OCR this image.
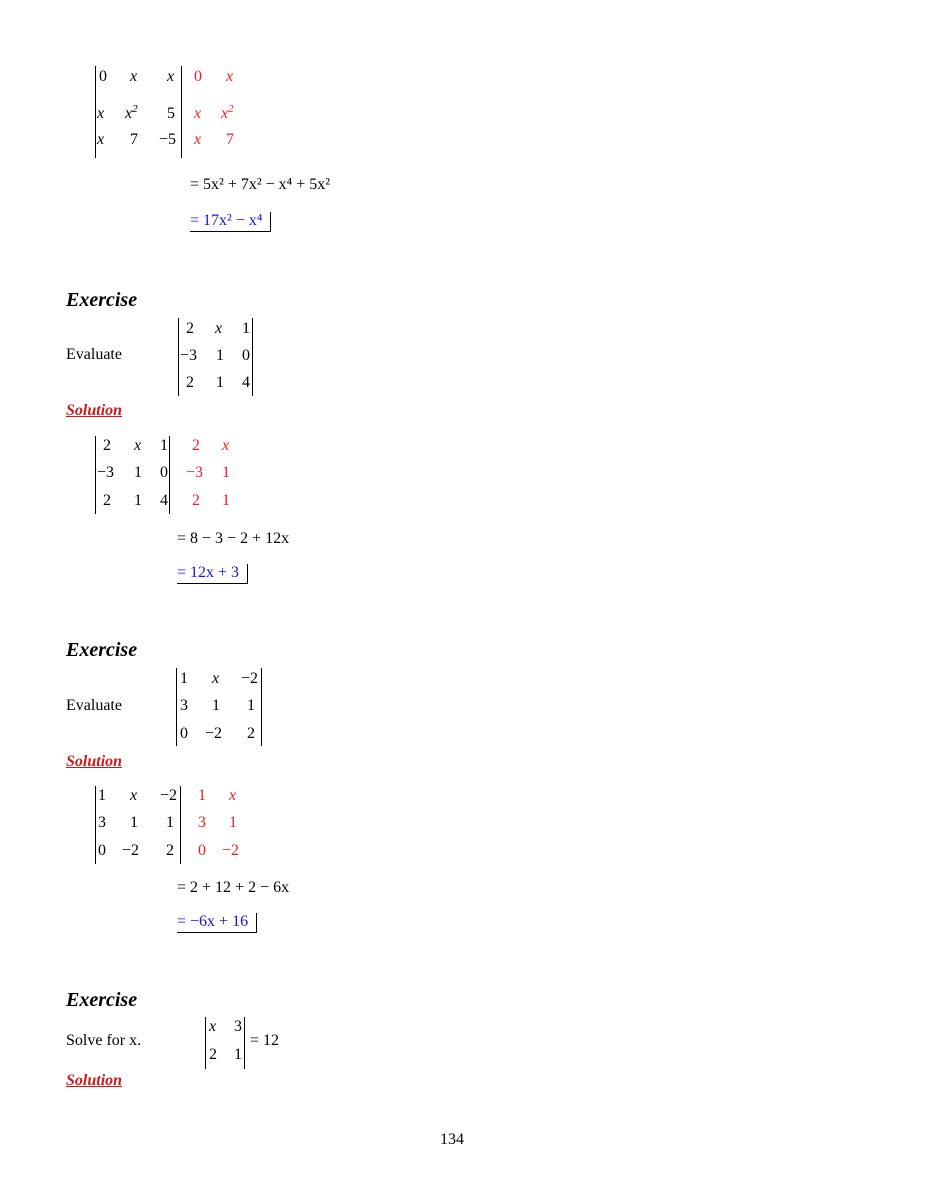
0 x x
x $x^2$ 5
x 7 −5
0 x
x $x^2$
x 7
= 5x² + 7x² − x⁴ + 5x²
= 17x² − x⁴
Exercise
Evaluate
2 x 1
−3 1 0
2 1 4
Solution
2 x 1
−3 1 0
2 1 4
2 x
−3 1
2 1
= 8 − 3 − 2 + 12x
= 12x + 3
Exercise
Evaluate
1 x −2
3 1 1
0 −2 2
Solution
1 x −2
3 1 1
0 −2 2
1 x
3 1
0 −2
= 2 + 12 + 2 − 6x
= −6x + 16
Exercise
Solve for x.
x 3
2 1
= 12
Solution
134
